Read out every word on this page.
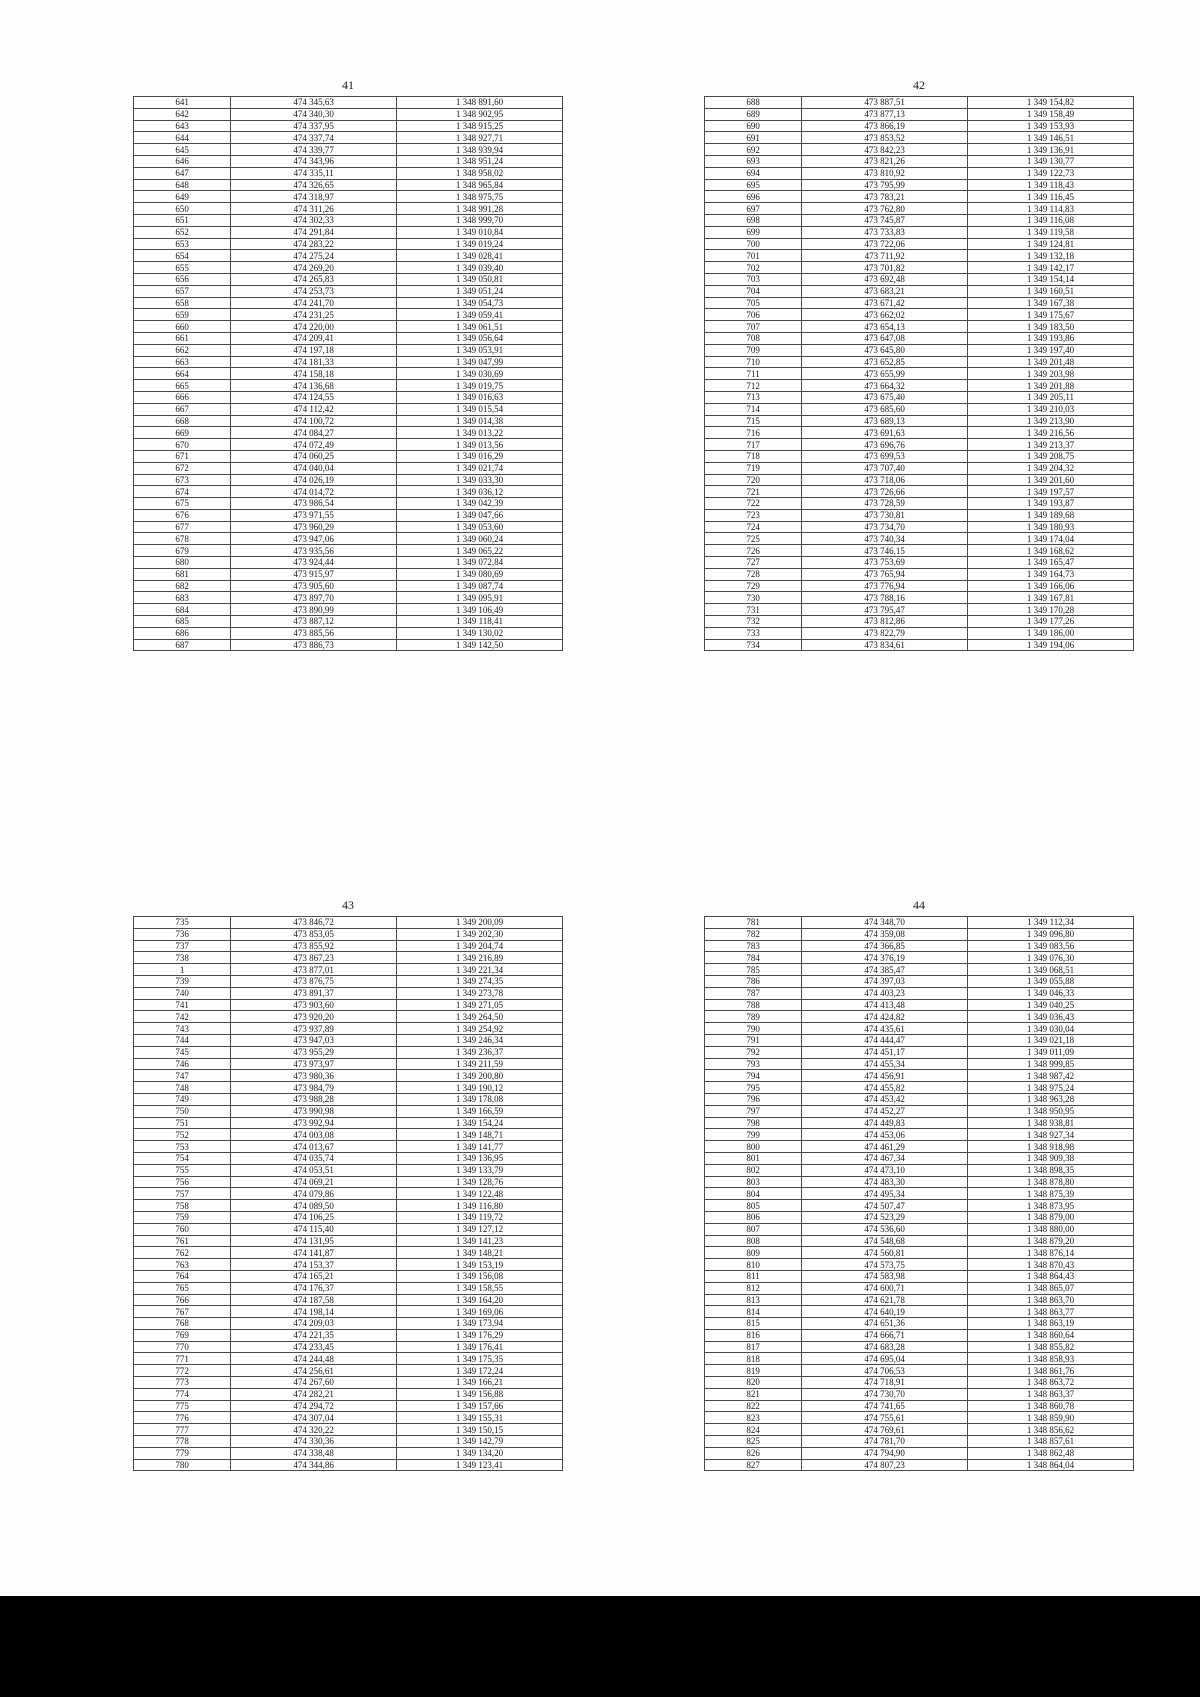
41
641	474 345,63	1 348 891,60
642	474 340,30	1 348 902,95
643	474 337,95	1 348 915,25
644	474 337,74	1 348 927,71
645	474 339,77	1 348 939,94
646	474 343,96	1 348 951,24
647	474 335,11	1 348 958,02
648	474 326,65	1 348 965,84
649	474 318,97	1 348 975,75
650	474 311,26	1 348 991,28
651	474 302,33	1 348 999,70
652	474 291,84	1 349 010,84
653	474 283,22	1 349 019,24
654	474 275,24	1 349 028,41
655	474 269,20	1 349 039,40
656	474 265,83	1 349 050,81
657	474 253,73	1 349 051,24
658	474 241,70	1 349 054,73
659	474 231,25	1 349 059,41
660	474 220,00	1 349 061,51
661	474 209,41	1 349 056,64
662	474 197,18	1 349 053,91
663	474 181,33	1 349 047,99
664	474 158,18	1 349 030,69
665	474 136,68	1 349 019,75
666	474 124,55	1 349 016,63
667	474 112,42	1 349 015,54
668	474 100,72	1 349 014,38
669	474 084,27	1 349 013,22
670	474 072,49	1 349 013,56
671	474 060,25	1 349 016,29
672	474 040,04	1 349 021,74
673	474 026,19	1 349 033,30
674	474 014,72	1 349 036,12
675	473 986,54	1 349 042,39
676	473 971,55	1 349 047,66
677	473 960,29	1 349 053,60
678	473 947,06	1 349 060,24
679	473 935,56	1 349 065,22
680	473 924,44	1 349 072,84
681	473 915,97	1 349 080,69
682	473 905,60	1 349 087,74
683	473 897,70	1 349 095,91
684	473 890,99	1 349 106,49
685	473 887,12	1 349 118,41
686	473 885,56	1 349 130,02
687	473 886,73	1 349 142,50
42
688	473 887,51	1 349 154,82
689	473 877,13	1 349 158,49
690	473 866,19	1 349 153,93
691	473 853,52	1 349 146,51
692	473 842,23	1 349 136,91
693	473 821,26	1 349 130,77
694	473 810,92	1 349 122,73
695	473 795,99	1 349 118,43
696	473 783,21	1 349 116,45
697	473 762,80	1 349 114,83
698	473 745,87	1 349 116,08
699	473 733,83	1 349 119,58
700	473 722,06	1 349 124,81
701	473 711,92	1 349 132,18
702	473 701,82	1 349 142,17
703	473 692,48	1 349 154,14
704	473 683,21	1 349 160,51
705	473 671,42	1 349 167,38
706	473 662,02	1 349 175,67
707	473 654,13	1 349 183,50
708	473 647,08	1 349 193,86
709	473 645,80	1 349 197,40
710	473 652,85	1 349 201,48
711	473 655,99	1 349 203,98
712	473 664,32	1 349 201,88
713	473 675,40	1 349 205,11
714	473 685,60	1 349 210,03
715	473 689,13	1 349 213,90
716	473 691,63	1 349 216,56
717	473 696,76	1 349 213,37
718	473 699,53	1 349 208,75
719	473 707,40	1 349 204,32
720	473 718,06	1 349 201,60
721	473 726,66	1 349 197,57
722	473 728,59	1 349 193,87
723	473 730,81	1 349 189,68
724	473 734,70	1 349 180,93
725	473 740,34	1 349 174,04
726	473 746,15	1 349 168,62
727	473 753,69	1 349 165,47
728	473 765,94	1 349 164,73
729	473 776,94	1 349 166,06
730	473 788,16	1 349 167,81
731	473 795,47	1 349 170,28
732	473 812,86	1 349 177,26
733	473 822,79	1 349 186,00
734	473 834,61	1 349 194,06
43
735	473 846,72	1 349 200,09
736	473 853,05	1 349 202,30
737	473 855,92	1 349 204,74
738	473 867,23	1 349 216,89
1	473 877,01	1 349 221,34
739	473 876,75	1 349 274,35
740	473 891,37	1 349 273,78
741	473 903,60	1 349 271,05
742	473 920,20	1 349 264,50
743	473 937,89	1 349 254,92
744	473 947,03	1 349 246,34
745	473 955,29	1 349 236,37
746	473 973,97	1 349 211,59
747	473 980,36	1 349 200,80
748	473 984,79	1 349 190,12
749	473 988,28	1 349 178,08
750	473 990,98	1 349 166,59
751	473 992,94	1 349 154,24
752	474 003,08	1 349 148,71
753	474 013,67	1 349 141,77
754	474 035,74	1 349 136,95
755	474 053,51	1 349 133,79
756	474 069,21	1 349 128,76
757	474 079,86	1 349 122,48
758	474 089,50	1 349 116,80
759	474 106,25	1 349 119,72
760	474 115,40	1 349 127,12
761	474 131,95	1 349 141,23
762	474 141,87	1 349 148,21
763	474 153,37	1 349 153,19
764	474 165,21	1 349 156,08
765	474 176,37	1 349 158,55
766	474 187,58	1 349 164,20
767	474 198,14	1 349 169,06
768	474 209,03	1 349 173,94
769	474 221,35	1 349 176,29
770	474 233,45	1 349 176,41
771	474 244,48	1 349 175,35
772	474 256,61	1 349 172,24
773	474 267,60	1 349 166,21
774	474 282,21	1 349 156,88
775	474 294,72	1 349 157,66
776	474 307,04	1 349 155,31
777	474 320,22	1 349 150,15
778	474 330,36	1 349 142,79
779	474 338,48	1 349 134,20
780	474 344,86	1 349 123,41
44
781	474 348,70	1 349 112,34
782	474 359,08	1 349 096,80
783	474 366,85	1 349 083,56
784	474 376,19	1 349 076,30
785	474 385,47	1 349 068,51
786	474 397,03	1 349 055,88
787	474 403,23	1 349 046,33
788	474 413,48	1 349 040,25
789	474 424,82	1 349 036,43
790	474 435,61	1 349 030,04
791	474 444,47	1 349 021,18
792	474 451,17	1 349 011,09
793	474 455,34	1 348 999,85
794	474 456,91	1 348 987,42
795	474 455,82	1 348 975,24
796	474 453,42	1 348 963,28
797	474 452,27	1 348 950,95
798	474 449,83	1 348 938,81
799	474 453,06	1 348 927,34
800	474 461,29	1 348 918,98
801	474 467,34	1 348 909,38
802	474 473,10	1 348 898,35
803	474 483,30	1 348 878,80
804	474 495,34	1 348 875,39
805	474 507,47	1 348 873,95
806	474 523,29	1 348 879,00
807	474 536,60	1 348 880,00
808	474 548,68	1 348 879,20
809	474 560,81	1 348 876,14
810	474 573,75	1 348 870,43
811	474 583,98	1 348 864,43
812	474 600,71	1 348 865,07
813	474 621,78	1 348 863,70
814	474 640,19	1 348 863,77
815	474 651,36	1 348 863,19
816	474 666,71	1 348 860,64
817	474 683,28	1 348 855,82
818	474 695,04	1 348 858,93
819	474 706,53	1 348 861,76
820	474 718,91	1 348 863,72
821	474 730,70	1 348 863,37
822	474 741,65	1 348 860,78
823	474 755,61	1 348 859,90
824	474 769,61	1 348 856,62
825	474 781,70	1 348 857,61
826	474 794,90	1 348 862,48
827	474 807,23	1 348 864,04
